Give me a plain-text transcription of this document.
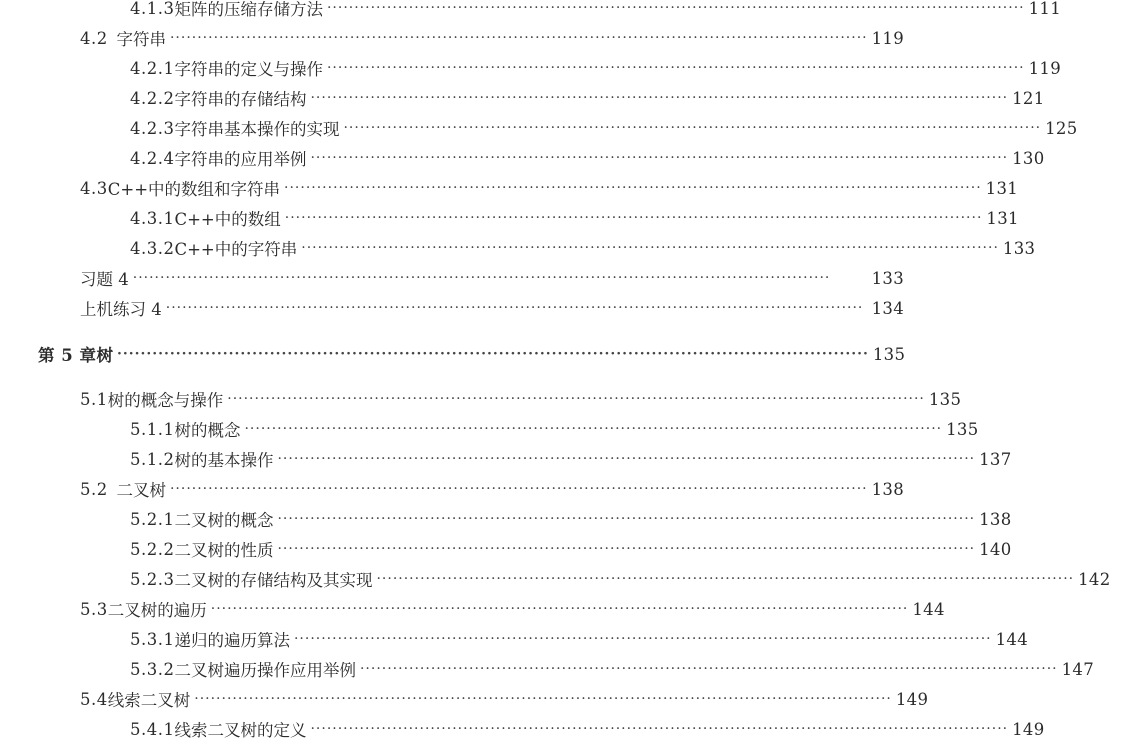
4.1.3 矩阵的压缩存储方法 ·····	111
4.2 字符串 ·····	119
4.2.1 字符串的定义与操作 ·····	119
4.2.2 字符串的存储结构 ·····	121
4.2.3 字符串基本操作的实现 ·····	125
4.2.4 字符串的应用举例 ·····	130
4.3 C++中的数组和字符串 ·····	131
4.3.1 C++中的数组 ·····	131
4.3.2 C++中的字符串 ·····	133
习题 4 ·····	133
上机练习 4 ·····	134
第 5 章 树 ·····	135
5.1 树的概念与操作 ·····	135
5.1.1 树的概念 ·····	135
5.1.2 树的基本操作 ·····	137
5.2 二叉树 ·····	138
5.2.1 二叉树的概念 ·····	138
5.2.2 二叉树的性质 ·····	140
5.2.3 二叉树的存储结构及其实现 ·····	142
5.3 二叉树的遍历 ·····	144
5.3.1 递归的遍历算法 ·····	144
5.3.2 二叉树遍历操作应用举例 ·····	147
5.4 线索二叉树 ·····	149
5.4.1 线索二叉树的定义 ·····	149
